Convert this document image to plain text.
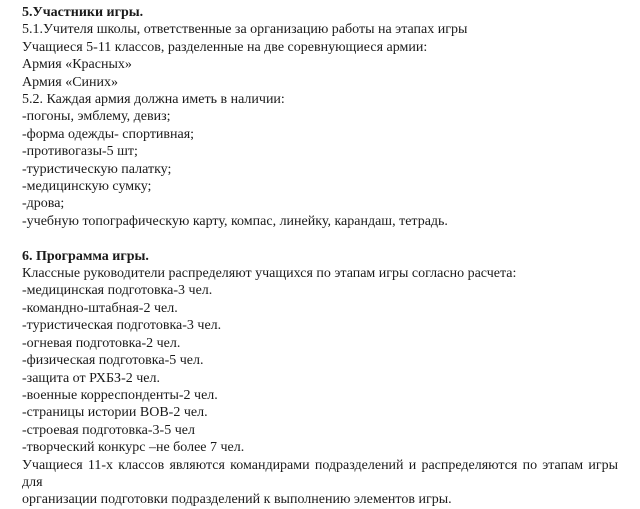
5.Участники игры.
5.1.Учителя школы, ответственные за организацию работы на этапах игры
Учащиеся 5-11 классов, разделенные на две соревнующиеся армии:
Армия «Красных»
Армия «Синих»
5.2. Каждая армия должна иметь в наличии:
-погоны, эмблему, девиз;
-форма одежды- спортивная;
-противогазы-5 шт;
-туристическую палатку;
-медицинскую сумку;
-дрова;
-учебную топографическую карту, компас, линейку, карандаш, тетрадь.
6. Программа игры.
Классные руководители распределяют учащихся по этапам игры согласно расчета:
-медицинская подготовка-3 чел.
-командно-штабная-2 чел.
-туристическая подготовка-3 чел.
-огневая подготовка-2 чел.
-физическая подготовка-5 чел.
-защита от РХБЗ-2 чел.
-военные корреспонденты-2 чел.
-страницы истории ВОВ-2 чел.
-строевая подготовка-3-5 чел
-творческий конкурс –не более 7 чел.
Учащиеся 11-х классов являются командирами подразделений и распределяются по этапам игры для
организации подготовки подразделений к выполнению элементов игры.
